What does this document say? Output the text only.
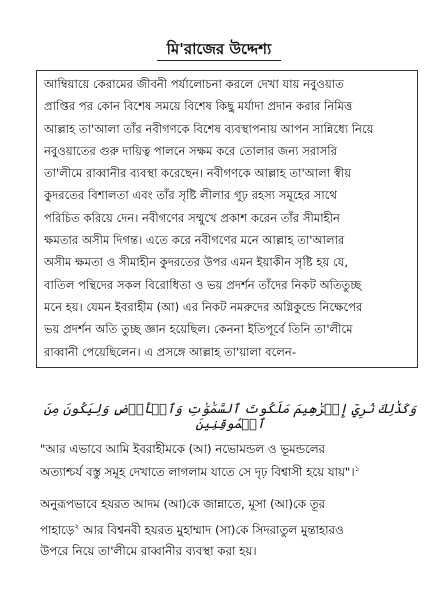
মি'রাজের উদ্দেশ্য
আম্বিয়ায়ে কেরামের জীবনী পর্যালোচনা করলে দেখা যায় নবুওয়াত
প্রাপ্তির পর কোন বিশেষ সময়ে বিশেষ কিছু মর্যাদা প্রদান করার নিমিত্ত
আল্লাহ তা'আলা তাঁর নবীগণকে বিশেষ ব্যবস্থাপনায় আপন সান্নিধ্যে নিয়ে
নবুওয়াতের গুরু দায়িত্ব পালনে সক্ষম করে তোলার জন্য সরাসরি
তা'লীমে রাব্বানীর ব্যবস্থা করেছেন। নবীগণকে আল্লাহ তা'আলা স্বীয়
কুদরতের বিশালতা এবং তাঁর সৃষ্টি লীলার গূঢ় রহস্য সমূহের সাথে
পরিচিত করিয়ে দেন। নবীগণের সম্মুখে প্রকাশ করেন তাঁর সীমাহীন
ক্ষমতার অসীম দিগন্ত। এতে করে নবীগণের মনে আল্লাহ তা'আলার
অসীম ক্ষমতা ও সীমাহীন কুদরতের উপর এমন ইয়াকীন সৃষ্টি হয় যে,
বাতিল পন্থিদের সকল বিরোধিতা ও ভয় প্রদর্শন তাঁদের নিকট অতিতুচ্ছ
মনে হয়। যেমন ইবরাহীম (আ) এর নিকট নমরুদের অগ্নিকুন্ডে নিক্ষেপের
ভয় প্রদর্শন অতি তুচ্ছ জ্ঞান হয়েছিল। কেননা ইতিপূর্বে তিনি তা'লীমে
রাব্বানী পেয়েছিলেন। এ প্রসঙ্গে আল্লাহ তা'য়ালা বলেন-
وَكَذَٰلِكَ نُرِيٓ إِبۡرَٰهِيمَ مَلَكُوتَ ٱلسَّمَٰوَٰتِ وَٱلۡأَرۡضِ وَلِيَكُونَ مِنَ ٱلۡمُوقِنِينَ
"আর এভাবে আমি ইবরাহীমকে (আ) নভোমন্ডল ও ভূমন্ডলের
অত্যাশ্চর্য বস্তু সমূহ দেখাতে লাগলাম যাতে সে দৃঢ় বিশ্বাসী হয়ে যায়"।$^১$
অনুরূপভাবে হযরত আদম (আ)কে জান্নাতে, মূসা (আ)কে তূর
পাহাড়ে$^২$ আর বিশ্বনবী হযরত মুহাম্মাদ (সা)কে সিদরাতুল মুন্তাহারও
উপরে নিয়ে তা'লীমে রাব্বানীর ব্যবস্থা করা হয়।
